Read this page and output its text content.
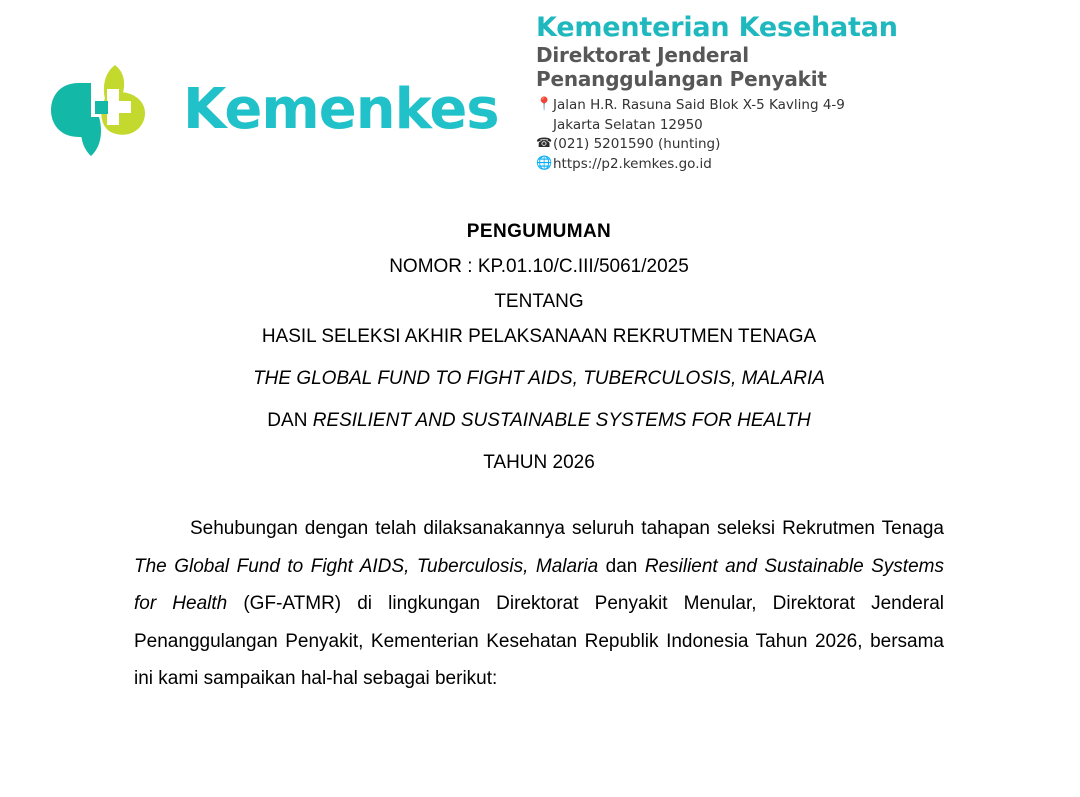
Kemenkes
Kementerian Kesehatan
Direktorat Jenderal
Penanggulangan Penyakit
📍 Jalan H.R. Rasuna Said Blok X-5 Kavling 4-9
Jakarta Selatan 12950
☎ (021) 5201590 (hunting)
🌐 https://p2.kemkes.go.id
PENGUMUMAN
NOMOR : KP.01.10/C.III/5061/2025
TENTANG
HASIL SELEKSI AKHIR PELAKSANAAN REKRUTMEN TENAGA
THE GLOBAL FUND TO FIGHT AIDS, TUBERCULOSIS, MALARIA
DAN RESILIENT AND SUSTAINABLE SYSTEMS FOR HEALTH
TAHUN 2026
Sehubungan dengan telah dilaksanakannya seluruh tahapan seleksi Rekrutmen Tenaga The Global Fund to Fight AIDS, Tuberculosis, Malaria dan Resilient and Sustainable Systems for Health (GF-ATMR) di lingkungan Direktorat Penyakit Menular, Direktorat Jenderal Penanggulangan Penyakit, Kementerian Kesehatan Republik Indonesia Tahun 2026, bersama ini kami sampaikan hal-hal sebagai berikut:
